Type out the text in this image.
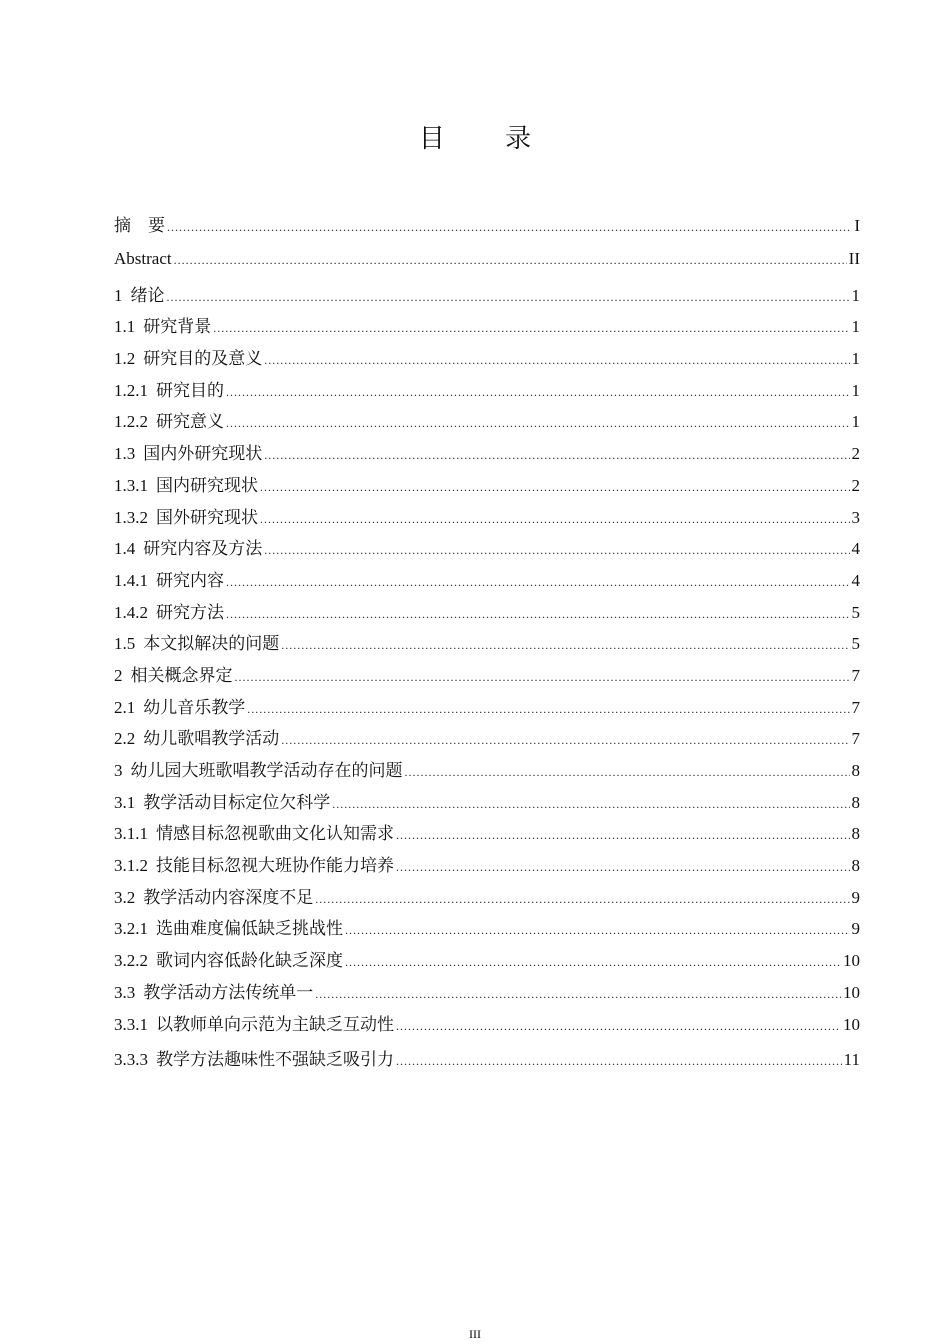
目 录
摘　要 .....	I
Abstract .....	II
1 绪论 .....	1
1.1 研究背景 .....	1
1.2 研究目的及意义 .....	1
1.2.1 研究目的 .....	1
1.2.2 研究意义 .....	1
1.3 国内外研究现状 .....	2
1.3.1 国内研究现状 .....	2
1.3.2 国外研究现状 .....	3
1.4 研究内容及方法 .....	4
1.4.1 研究内容 .....	4
1.4.2 研究方法 .....	5
1.5 本文拟解决的问题 .....	5
2 相关概念界定 .....	7
2.1 幼儿音乐教学 .....	7
2.2 幼儿歌唱教学活动 .....	7
3 幼儿园大班歌唱教学活动存在的问题 .....	8
3.1 教学活动目标定位欠科学 .....	8
3.1.1 情感目标忽视歌曲文化认知需求 .....	8
3.1.2 技能目标忽视大班协作能力培养 .....	8
3.2 教学活动内容深度不足 .....	9
3.2.1 选曲难度偏低缺乏挑战性 .....	9
3.2.2 歌词内容低龄化缺乏深度 .....	10
3.3 教学活动方法传统单一 .....	10
3.3.1 以教师单向示范为主缺乏互动性 .....	10
3.3.3 教学方法趣味性不强缺乏吸引力 .....	11
III
